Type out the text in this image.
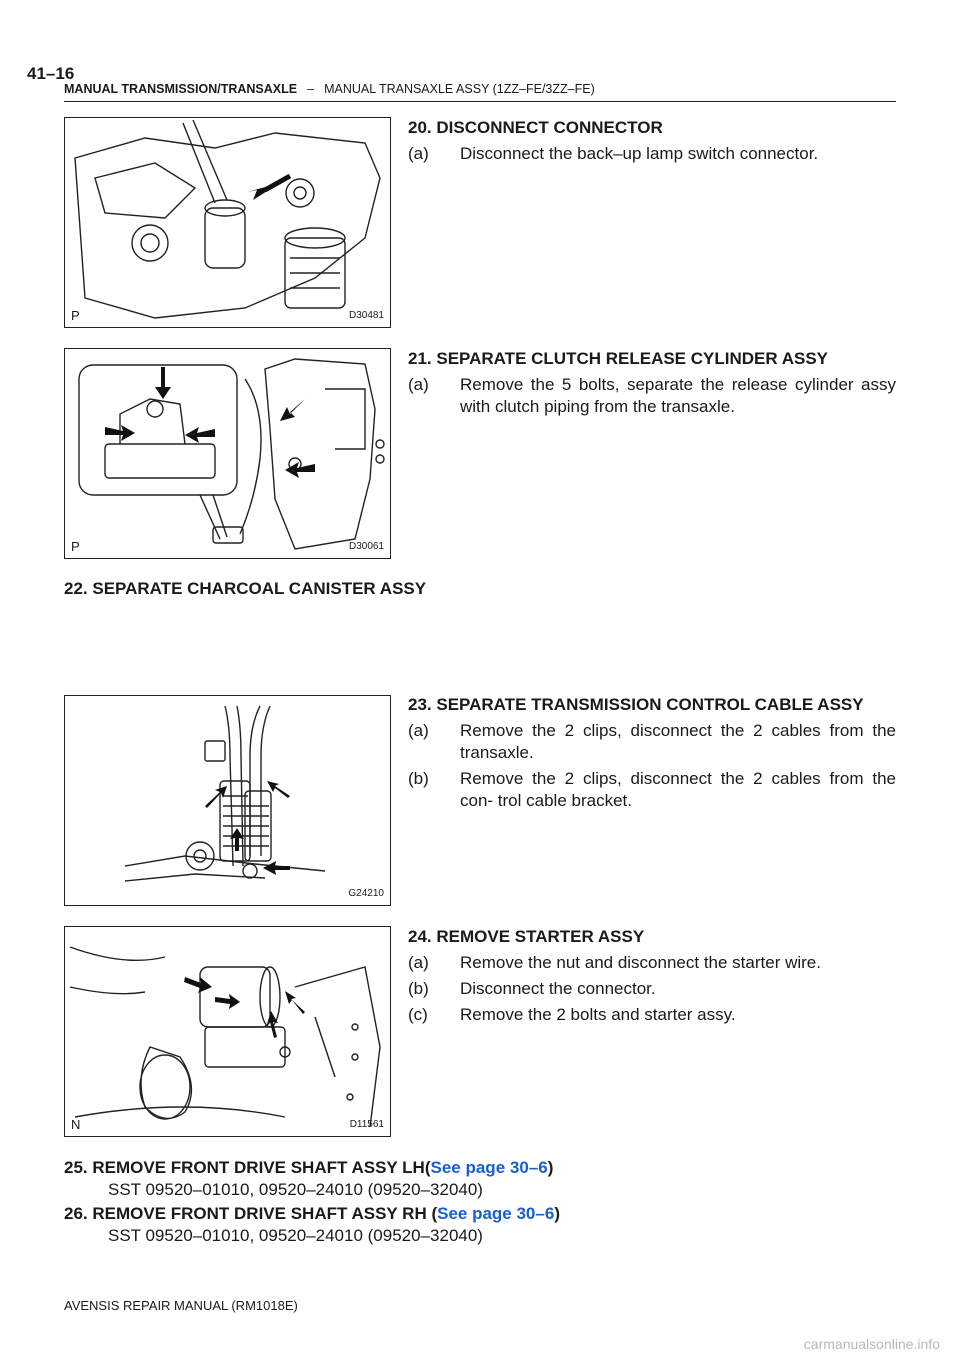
41–16
MANUAL TRANSMISSION/TRANSAXLE – MANUAL TRANSAXLE ASSY (1ZZ–FE/3ZZ–FE)
P	D30481
20. DISCONNECT CONNECTOR
(a)	Disconnect the back–up lamp switch connector.
P	D30061
21. SEPARATE CLUTCH RELEASE CYLINDER ASSY
(a)	Remove the 5 bolts, separate the release cylinder assy with clutch piping from the transaxle.
22. SEPARATE CHARCOAL CANISTER ASSY
G24210
23. SEPARATE TRANSMISSION CONTROL CABLE ASSY
(a)	Remove the 2 clips, disconnect the 2 cables from the transaxle.
(b)	Remove the 2 clips, disconnect the 2 cables from the con- trol cable bracket.
N	D11561
24. REMOVE STARTER ASSY
(a)	Remove the nut and disconnect the starter wire.
(b)	Disconnect the connector.
(c)	Remove the 2 bolts and starter assy.
25. REMOVE FRONT DRIVE SHAFT ASSY LH(See page 30–6)
SST 09520–01010, 09520–24010 (09520–32040)
26. REMOVE FRONT DRIVE SHAFT ASSY RH (See page 30–6)
SST 09520–01010, 09520–24010 (09520–32040)
AVENSIS REPAIR MANUAL (RM1018E)
carmanualsonline.info
